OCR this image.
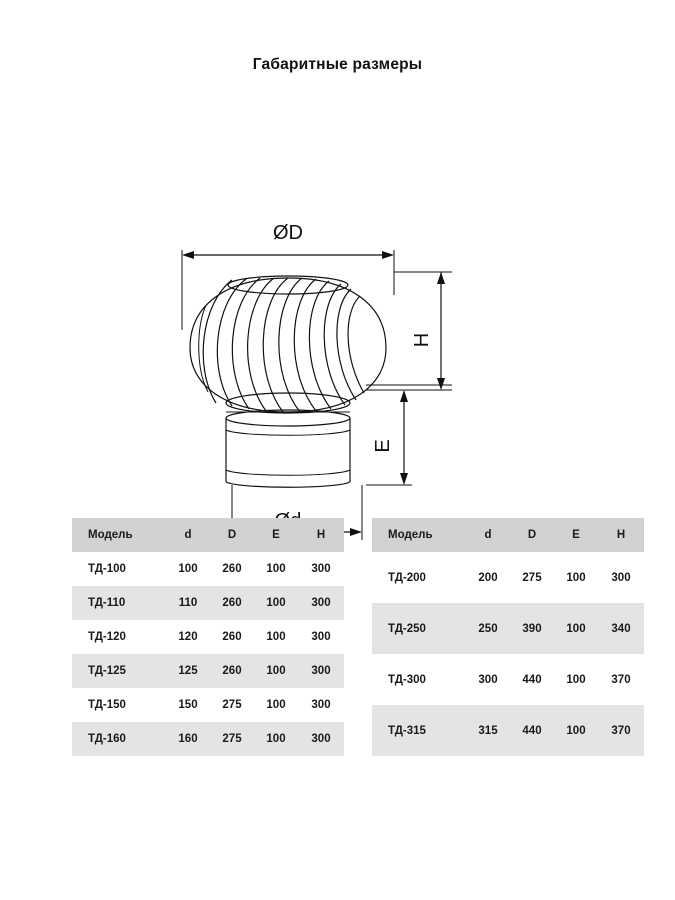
Габаритные размеры
ØD
Ød
H
E
Модель	d	D	E	H
ТД-100	100	260	100	300
ТД-110	110	260	100	300
ТД-120	120	260	100	300
ТД-125	125	260	100	300
ТД-150	150	275	100	300
ТД-160	160	275	100	300
Модель	d	D	E	H
ТД-200	200	275	100	300
ТД-250	250	390	100	340
ТД-300	300	440	100	370
ТД-315	315	440	100	370
